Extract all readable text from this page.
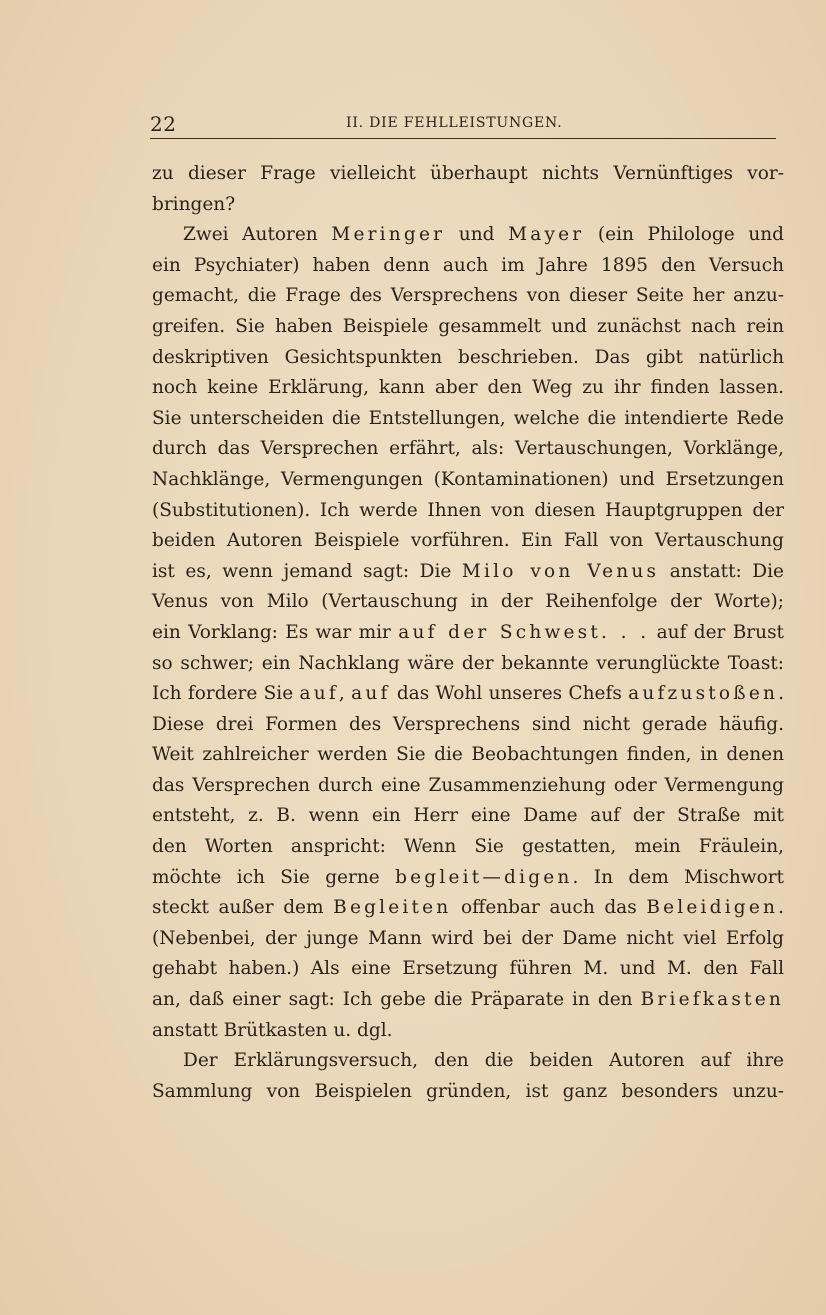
22	II. DIE FEHLLEISTUNGEN.
zu dieser Frage vielleicht überhaupt nichts Vernünftiges vor-
bringen?
Zwei Autoren Meringer und Mayer (ein Philologe und
ein Psychiater) haben denn auch im Jahre 1895 den Versuch
gemacht, die Frage des Versprechens von dieser Seite her anzu-
greifen. Sie haben Beispiele gesammelt und zunächst nach rein
deskriptiven Gesichtspunkten beschrieben. Das gibt natürlich
noch keine Erklärung, kann aber den Weg zu ihr finden lassen.
Sie unterscheiden die Entstellungen, welche die intendierte Rede
durch das Versprechen erfährt, als: Vertauschungen, Vorklänge,
Nachklänge, Vermengungen (Kontaminationen) und Ersetzungen
(Substitutionen). Ich werde Ihnen von diesen Hauptgruppen der
beiden Autoren Beispiele vorführen. Ein Fall von Vertauschung
ist es, wenn jemand sagt: Die Milo von Venus anstatt: Die
Venus von Milo (Vertauschung in der Reihenfolge der Worte);
ein Vorklang: Es war mir auf der Schwest. . . auf der Brust
so schwer; ein Nachklang wäre der bekannte verunglückte Toast:
Ich fordere Sie auf, auf das Wohl unseres Chefs aufzustoßen.
Diese drei Formen des Versprechens sind nicht gerade häufig.
Weit zahlreicher werden Sie die Beobachtungen finden, in denen
das Versprechen durch eine Zusammenziehung oder Vermengung
entsteht, z. B. wenn ein Herr eine Dame auf der Straße mit
den Worten anspricht: Wenn Sie gestatten, mein Fräulein,
möchte ich Sie gerne begleit—digen. In dem Mischwort
steckt außer dem Begleiten offenbar auch das Beleidigen.
(Nebenbei, der junge Mann wird bei der Dame nicht viel Erfolg
gehabt haben.) Als eine Ersetzung führen M. und M. den Fall
an, daß einer sagt: Ich gebe die Präparate in den Briefkasten
anstatt Brütkasten u. dgl.
Der Erklärungsversuch, den die beiden Autoren auf ihre
Sammlung von Beispielen gründen, ist ganz besonders unzu-
